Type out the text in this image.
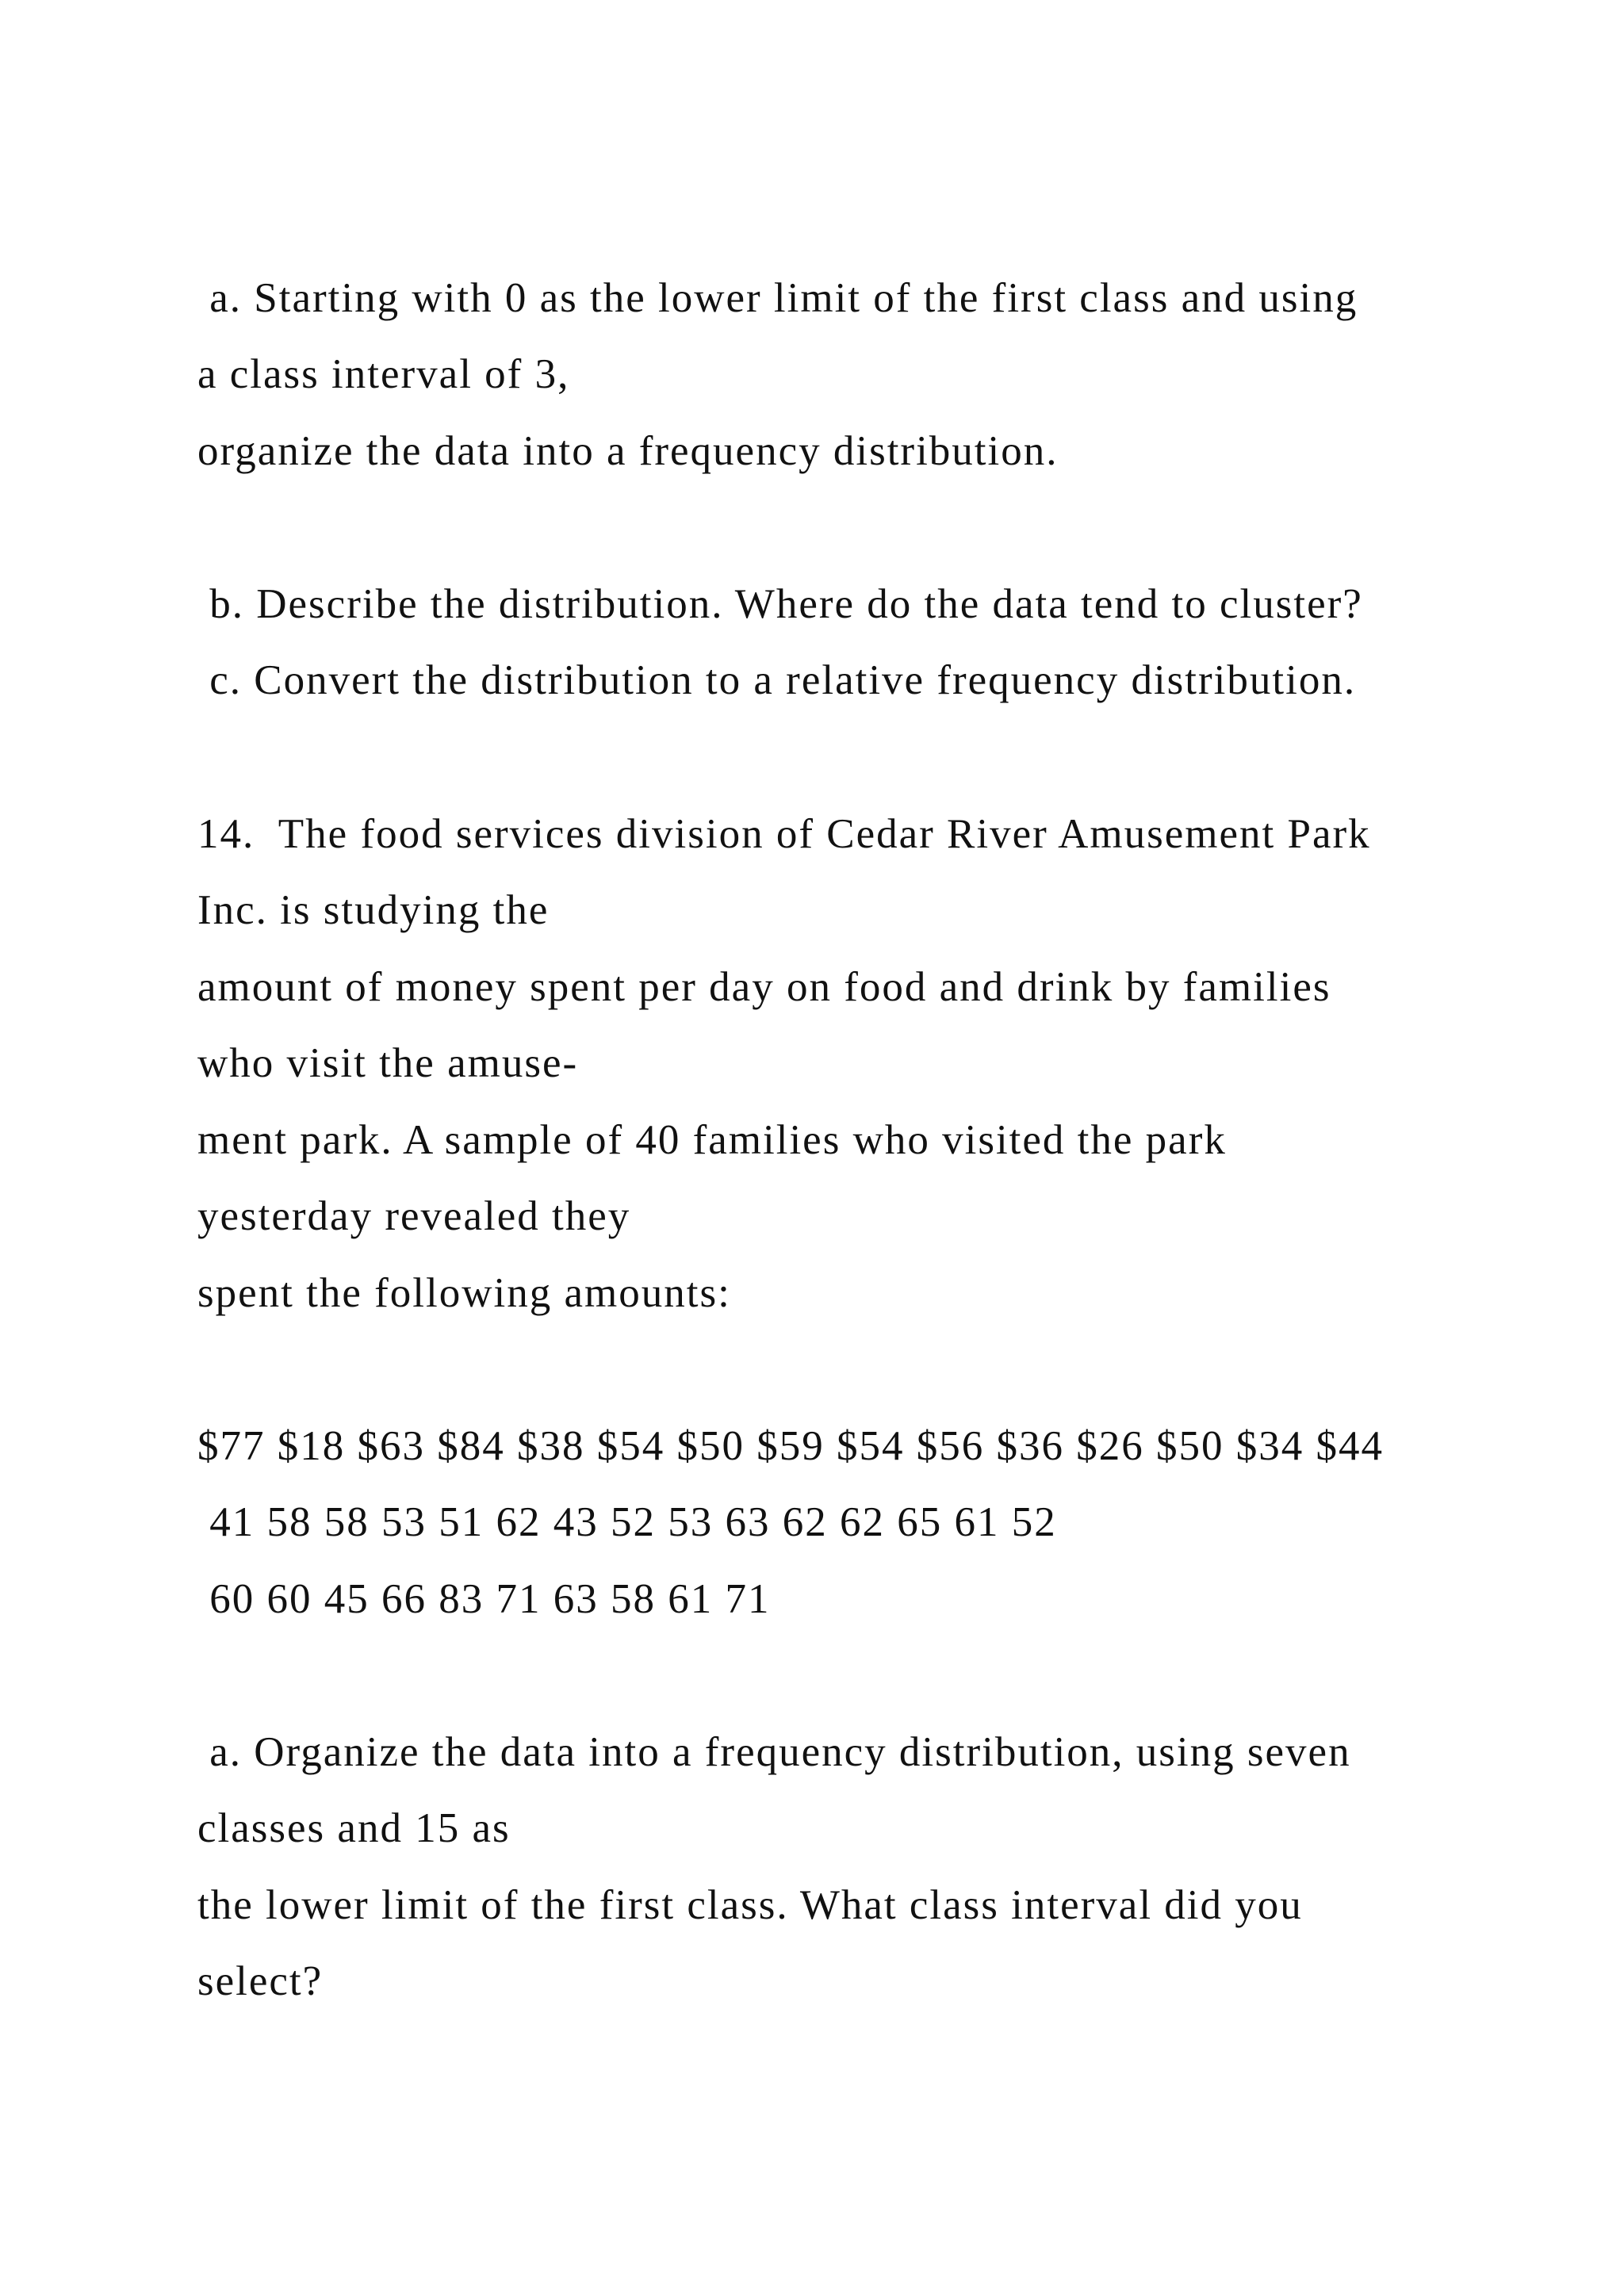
a. Starting with 0 as the lower limit of the first class and using

a class interval of 3,

organize the data into a frequency distribution.

b. Describe the distribution. Where do the data tend to cluster?

c. Convert the distribution to a relative frequency distribution.

14.  The food services division of Cedar River Amusement Park

Inc. is studying the

amount of money spent per day on food and drink by families

who visit the amuse-

ment park. A sample of 40 families who visited the park

yesterday revealed they

spent the following amounts:

$77 $18 $63 $84 $38 $54 $50 $59 $54 $56 $36 $26 $50 $34 $44

41 58 58 53 51 62 43 52 53 63 62 62 65 61 52

60 60 45 66 83 71 63 58 61 71

a. Organize the data into a frequency distribution, using seven

classes and 15 as

the lower limit of the first class. What class interval did you

select?
